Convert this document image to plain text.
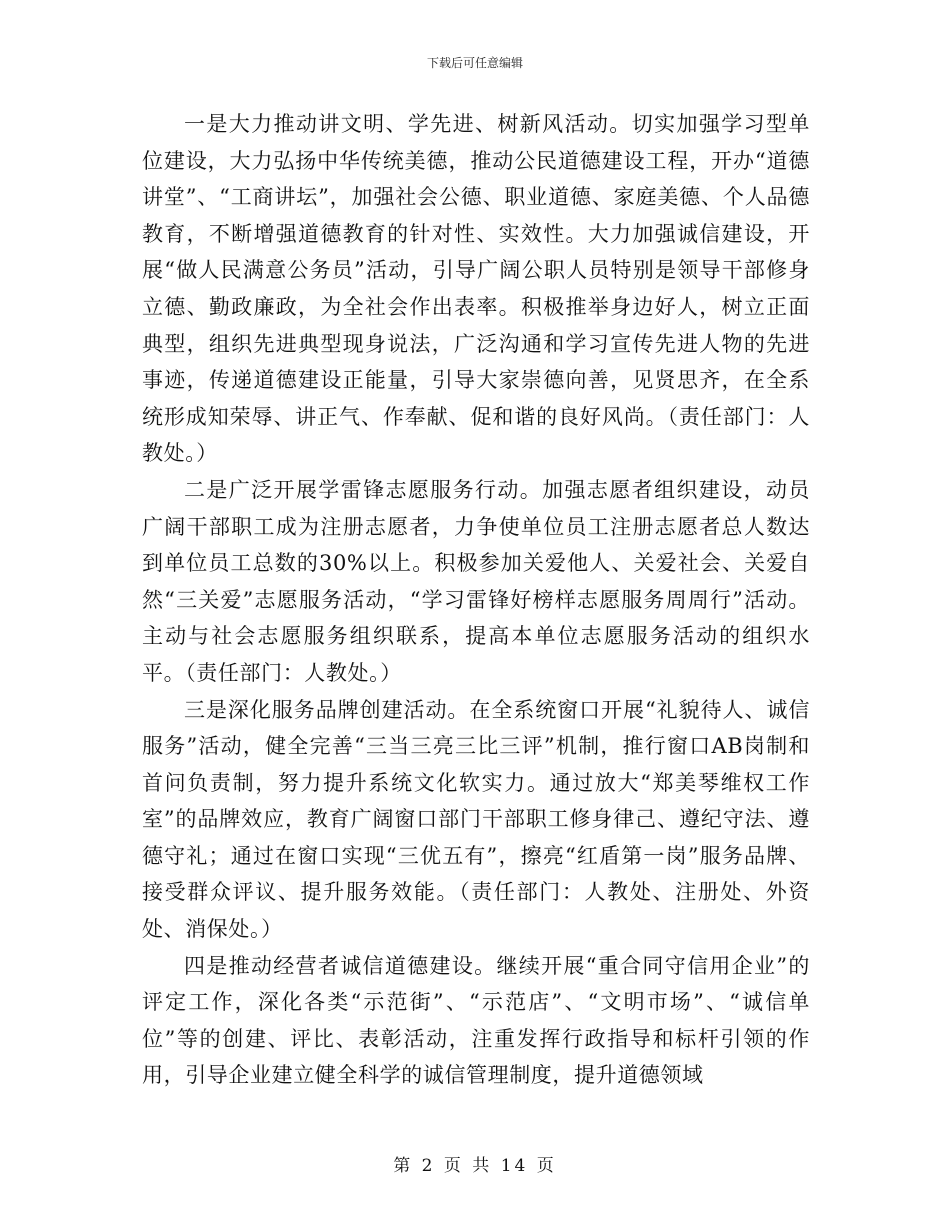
下载后可任意编辑

一是大力推动讲文明、学先进、树新风活动。切实加强学习型单位建设，大力弘扬中华传统美德，推动公民道德建设工程，开办“道德讲堂”、“工商讲坛”，加强社会公德、职业道德、家庭美德、个人品德教育，不断增强道德教育的针对性、实效性。大力加强诚信建设，开展“做人民满意公务员”活动，引导广阔公职人员特别是领导干部修身立德、勤政廉政，为全社会作出表率。积极推举身边好人，树立正面典型，组织先进典型现身说法，广泛沟通和学习宣传先进人物的先进事迹，传递道德建设正能量，引导大家崇德向善，见贤思齐，在全系统形成知荣辱、讲正气、作奉献、促和谐的良好风尚。（责任部门：人教处。）

二是广泛开展学雷锋志愿服务行动。加强志愿者组织建设，动员广阔干部职工成为注册志愿者，力争使单位员工注册志愿者总人数达到单位员工总数的30%以上。积极参加关爱他人、关爱社会、关爱自然“三关爱”志愿服务活动，“学习雷锋好榜样志愿服务周周行”活动。主动与社会志愿服务组织联系，提高本单位志愿服务活动的组织水平。（责任部门：人教处。）

三是深化服务品牌创建活动。在全系统窗口开展“礼貌待人、诚信服务”活动，健全完善“三当三亮三比三评”机制，推行窗口AB岗制和首问负责制，努力提升系统文化软实力。通过放大“郑美琴维权工作室”的品牌效应，教育广阔窗口部门干部职工修身律己、遵纪守法、遵德守礼；通过在窗口实现“三优五有”，擦亮“红盾第一岗”服务品牌、接受群众评议、提升服务效能。（责任部门：人教处、注册处、外资处、消保处。）

四是推动经营者诚信道德建设。继续开展“重合同守信用企业”的评定工作，深化各类“示范街”、“示范店”、“文明市场”、“诚信单位”等的创建、评比、表彰活动，注重发挥行政指导和标杆引领的作用，引导企业建立健全科学的诚信管理制度，提升道德领域

第 2 页 共 14 页
